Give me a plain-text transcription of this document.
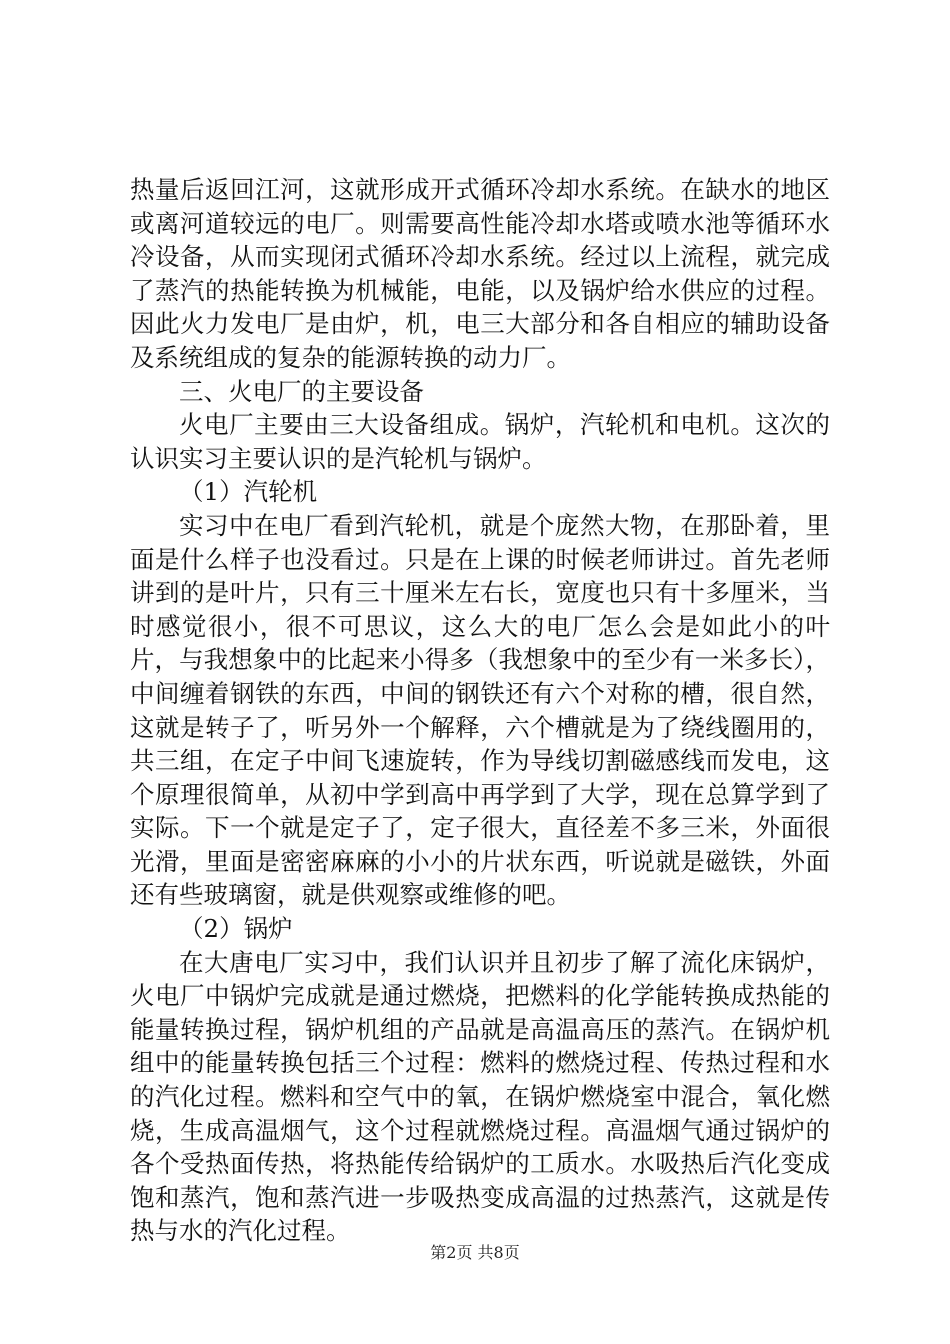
热量后返回江河，这就形成开式循环冷却水系统。在缺水的地区或离河道较远的电厂。则需要高性能冷却水塔或喷水池等循环水冷设备，从而实现闭式循环冷却水系统。经过以上流程，就完成了蒸汽的热能转换为机械能，电能，以及锅炉给水供应的过程。因此火力发电厂是由炉，机，电三大部分和各自相应的辅助设备及系统组成的复杂的能源转换的动力厂。

三、火电厂的主要设备

火电厂主要由三大设备组成。锅炉，汽轮机和电机。这次的认识实习主要认识的是汽轮机与锅炉。

（1）汽轮机

实习中在电厂看到汽轮机，就是个庞然大物，在那卧着，里面是什么样子也没看过。只是在上课的时候老师讲过。首先老师讲到的是叶片，只有三十厘米左右长，宽度也只有十多厘米，当时感觉很小，很不可思议，这么大的电厂怎么会是如此小的叶片，与我想象中的比起来小得多（我想象中的至少有一米多长），中间缠着钢铁的东西，中间的钢铁还有六个对称的槽，很自然，这就是转子了，听另外一个解释，六个槽就是为了绕线圈用的，共三组，在定子中间飞速旋转，作为导线切割磁感线而发电，这个原理很简单，从初中学到高中再学到了大学，现在总算学到了实际。下一个就是定子了，定子很大，直径差不多三米，外面很光滑，里面是密密麻麻的小小的片状东西，听说就是磁铁，外面还有些玻璃窗，就是供观察或维修的吧。

（2）锅炉

在大唐电厂实习中，我们认识并且初步了解了流化床锅炉，火电厂中锅炉完成就是通过燃烧，把燃料的化学能转换成热能的能量转换过程，锅炉机组的产品就是高温高压的蒸汽。在锅炉机组中的能量转换包括三个过程：燃料的燃烧过程、传热过程和水的汽化过程。燃料和空气中的氧，在锅炉燃烧室中混合，氧化燃烧，生成高温烟气，这个过程就燃烧过程。高温烟气通过锅炉的各个受热面传热，将热能传给锅炉的工质水。水吸热后汽化变成饱和蒸汽，饱和蒸汽进一步吸热变成高温的过热蒸汽，这就是传热与水的汽化过程。

第2页 共8页
